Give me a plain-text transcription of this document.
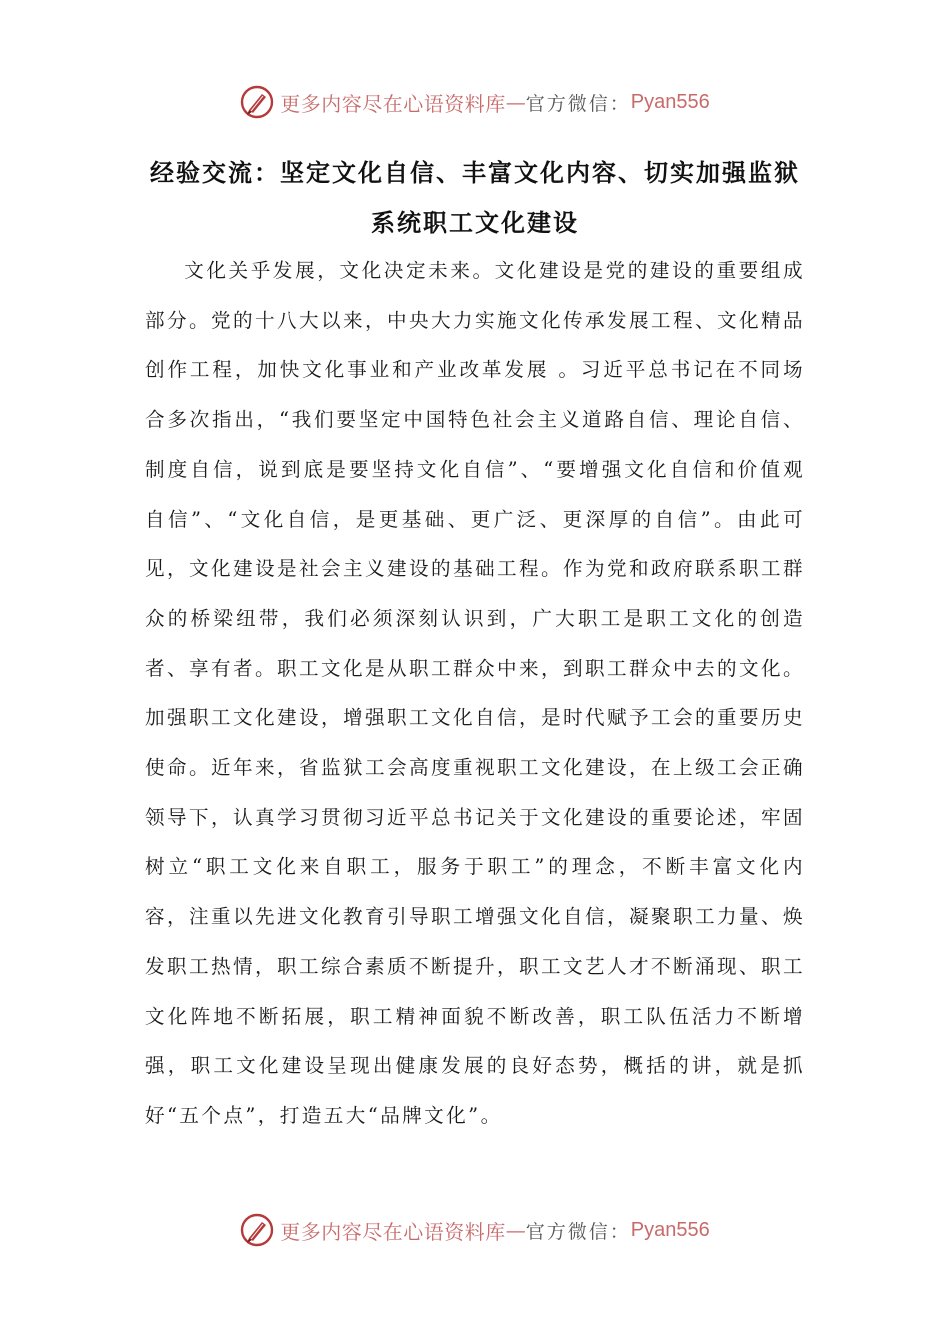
更多内容尽在心语资料库 — 官方微信： Pyan556
经验交流：坚定文化自信、丰富文化内容、切实加强监狱系统职工文化建设

文化关乎发展，文化决定未来。文化建设是党的建设的重要组成部分。党的十八大以来，中央大力实施文化传承发展工程、文化精品创作工程，加快文化事业和产业改革发展 。习近平总书记在不同场合多次指出，“我们要坚定中国特色社会主义道路自信、理论自信、制度自信，说到底是要坚持文化自信”、“要增强文化自信和价值观自信”、“文化自信，是更基础、更广泛、更深厚的自信”。由此可见，文化建设是社会主义建设的基础工程。作为党和政府联系职工群众的桥梁纽带，我们必须深刻认识到，广大职工是职工文化的创造者、享有者。职工文化是从职工群众中来，到职工群众中去的文化。加强职工文化建设，增强职工文化自信，是时代赋予工会的重要历史使命。近年来，省监狱工会高度重视职工文化建设，在上级工会正确领导下，认真学习贯彻习近平总书记关于文化建设的重要论述，牢固树立“职工文化来自职工，服务于职工”的理念，不断丰富文化内容，注重以先进文化教育引导职工增强文化自信，凝聚职工力量、焕发职工热情，职工综合素质不断提升，职工文艺人才不断涌现、职工文化阵地不断拓展，职工精神面貌不断改善，职工队伍活力不断增强，职工文化建设呈现出健康发展的良好态势，概括的讲，就是抓好“五个点”，打造五大“品牌文化”。

更多内容尽在心语资料库 — 官方微信： Pyan556
